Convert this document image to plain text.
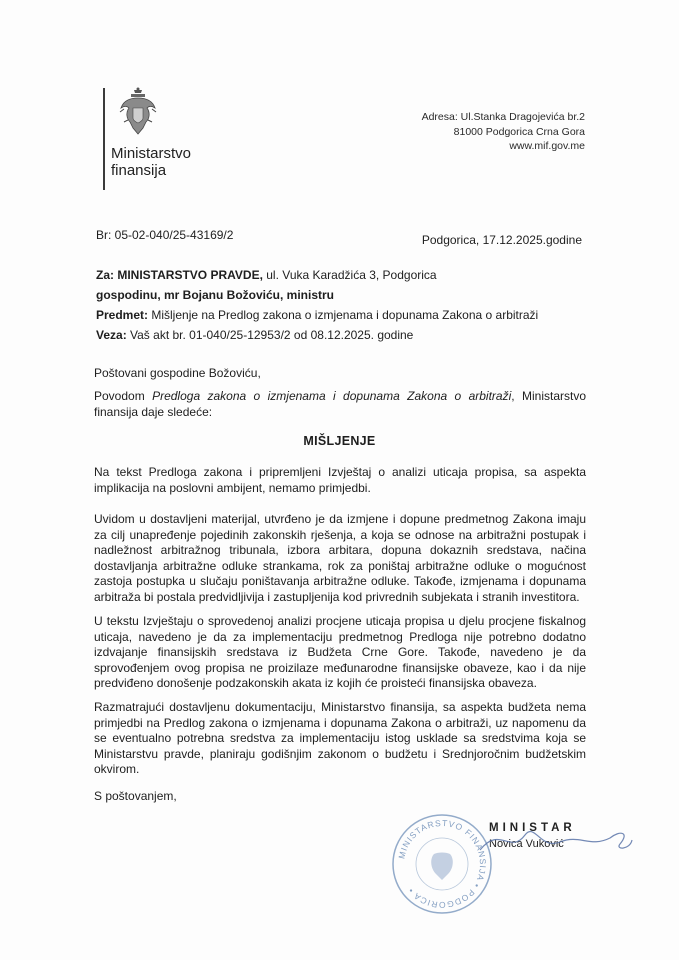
Ministarstvo
finansija
Adresa: Ul.Stanka Dragojevića br.2
81000 Podgorica Crna Gora
www.mif.gov.me
Br: 05-02-040/25-43169/2	Podgorica, 17.12.2025.godine
Za: MINISTARSTVO PRAVDE, ul. Vuka Karadžića 3, Podgorica
gospodinu, mr Bojanu Božoviću, ministru
Predmet: Mišljenje na Predlog zakona o izmjenama i dopunama Zakona o arbitraži
Veza: Vaš akt br. 01-040/25-12953/2 od 08.12.2025. godine
Poštovani gospodine Božoviću,
Povodom Predloga zakona o izmjenama i dopunama Zakona o arbitraži, Ministarstvo finansija daje sledeće:
MIŠLJENJE
Na tekst Predloga zakona i pripremljeni Izvještaj o analizi uticaja propisa, sa aspekta implikacija na poslovni ambijent, nemamo primjedbi.
Uvidom u dostavljeni materijal, utvrđeno je da izmjene i dopune predmetnog Zakona imaju za cilj unapređenje pojedinih zakonskih rješenja, a koja se odnose na arbitražni postupak i nadležnost arbitražnog tribunala, izbora arbitara, dopuna dokaznih sredstava, načina dostavljanja arbitražne odluke strankama, rok za poništaj arbitražne odluke o mogućnost zastoja postupka u slučaju poništavanja arbitražne odluke. Takođe, izmjenama i dopunama arbitraža bi postala predvidljivija i zastupljenija kod privrednih subjekata i stranih investitora.
U tekstu Izvještaju o sprovedenoj analizi procjene uticaja propisa u djelu procjene fiskalnog uticaja, navedeno je da za implementaciju predmetnog Predloga nije potrebno dodatno izdvajanje finansijskih sredstava iz Budžeta Crne Gore. Takođe, navedeno je da sprovođenjem ovog propisa ne proizilaze međunarodne finansijske obaveze, kao i da nije predviđeno donošenje podzakonskih akata iz kojih će proisteći finansijska obaveza.
Razmatrajući dostavljenu dokumentaciju, Ministarstvo finansija, sa aspekta budžeta nema primjedbi na Predlog zakona o izmjenama i dopunama Zakona o arbitraži, uz napomenu da se eventualno potrebna sredstva za implementaciju istog usklade sa sredstvima koja se Ministarstvu pravde, planiraju godišnjim zakonom o budžetu i Srednjoročnim budžetskim okvirom.
S poštovanjem,
MINISTARSTVO FINANSIJA • PODGORICA •
MINISTAR
Novica Vuković
